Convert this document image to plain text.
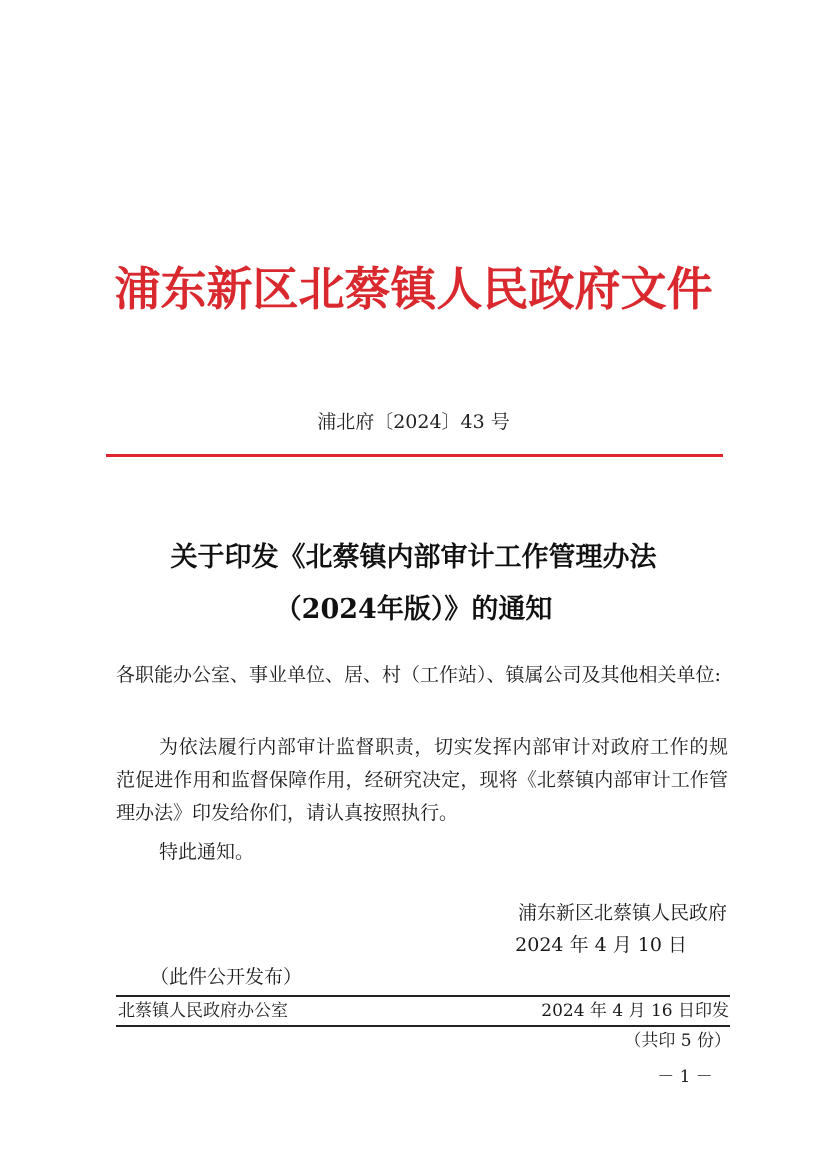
浦东新区北蔡镇人民政府文件
浦北府〔2024〕43 号
关于印发《北蔡镇内部审计工作管理办法
（2024年版）》的通知
各职能办公室、事业单位、居、村（工作站）、镇属公司及其他相关单位:
为依法履行内部审计监督职责，切实发挥内部审计对政府工作的规范促进作用和监督保障作用，经研究决定，现将《北蔡镇内部审计工作管理办法》印发给你们，请认真按照执行。
特此通知。
浦东新区北蔡镇人民政府
2024 年 4 月 10 日
（此件公开发布）
北蔡镇人民政府办公室	2024 年 4 月 16 日印发
（共印 5 份）
－ 1 －
